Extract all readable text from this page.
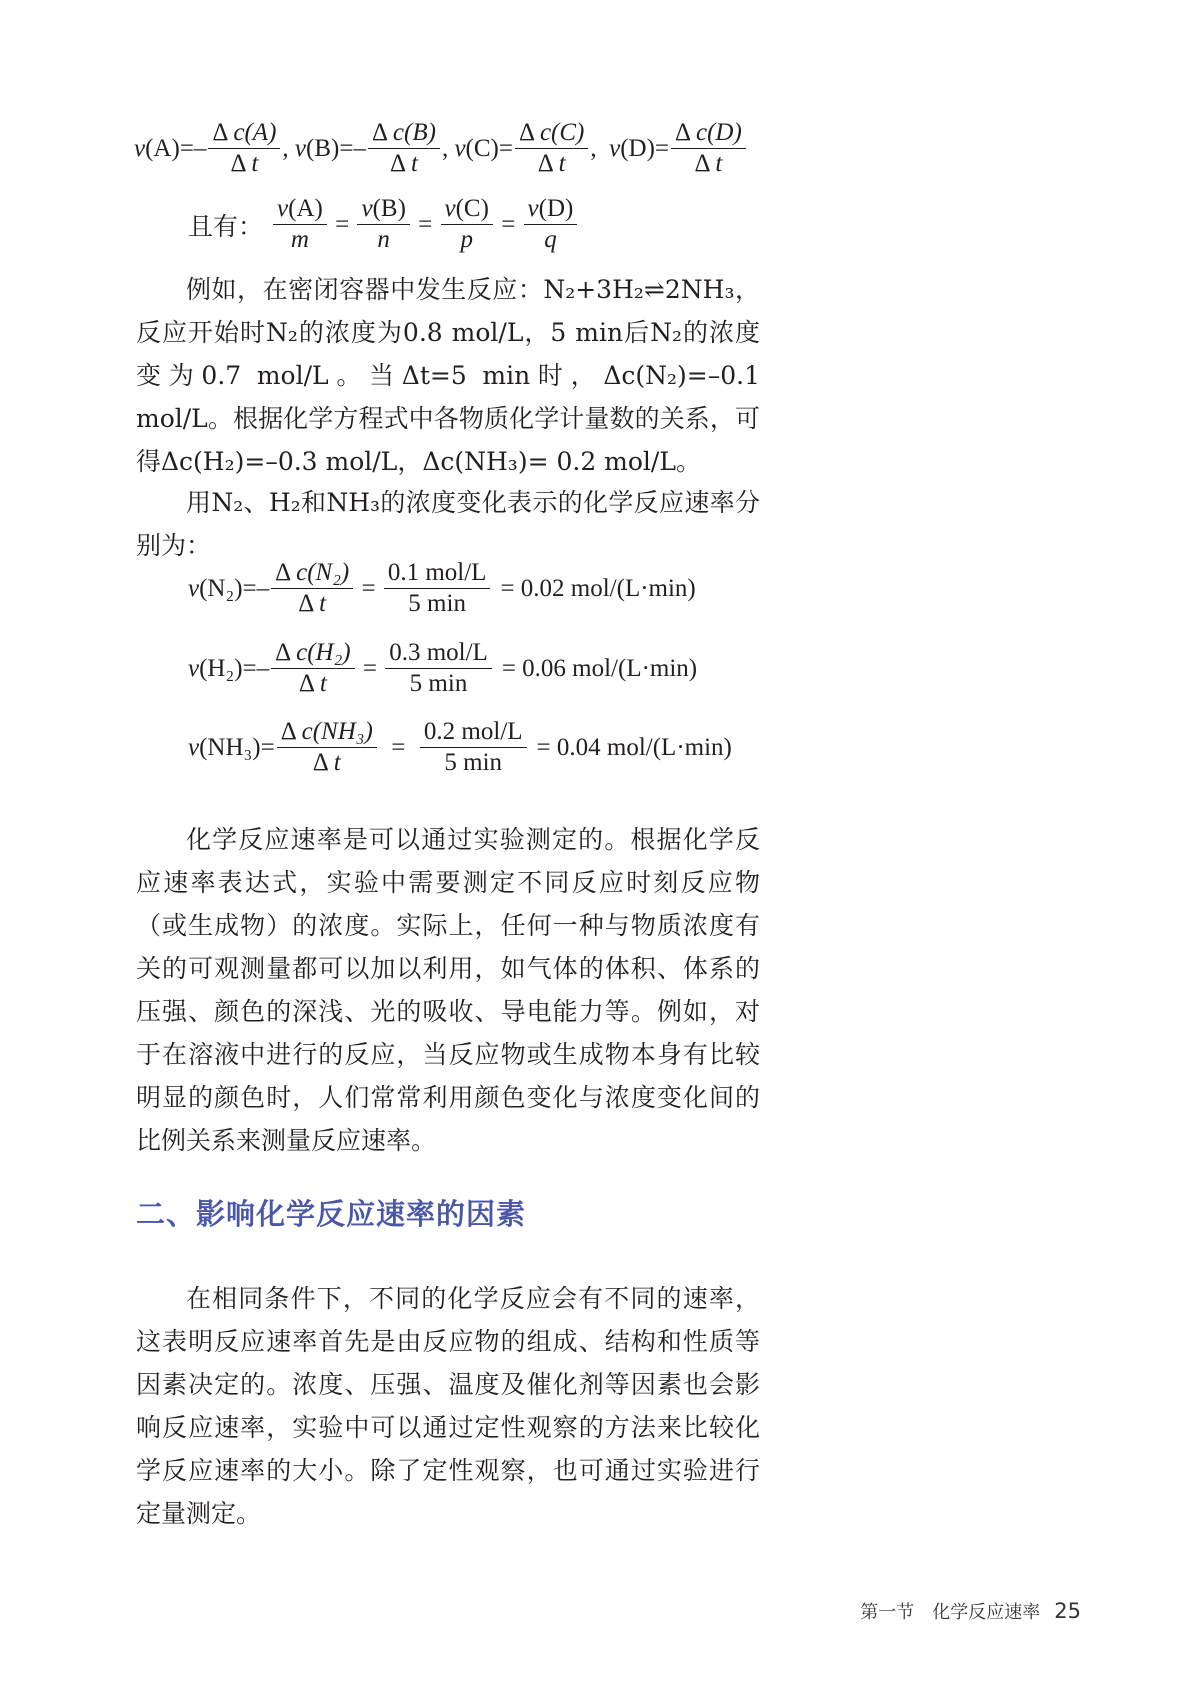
v $(A)=- \frac{\text{Δ c(A)}}{\text{Δ t}}$ , v $(B)=- \frac{\text{Δ c(B)}}{\text{Δ t}}$ , v $(C)= \frac{\text{Δ c(C)}}{\text{Δ t}}$ , v $(D)= \frac{\text{Δ c(D)}}{\text{Δ t}}$
且有： $\frac{v(A)}{m} = \frac{v(B)}{n} = \frac{v(C)}{p} = \frac{v(D)}{q}$

例如，在密闭容器中发生反应：N₂+3H₂⇌2NH₃，反应开始时N₂的浓度为0.8 mol/L，5 min后N₂的浓度变为0.7 mol/L。当Δt=5 min时，Δc(N₂)=–0.1 mol/L。根据化学方程式中各物质化学计量数的关系，可得Δc(H₂)=–0.3 mol/L，Δc(NH₃)= 0.2 mol/L。

用N₂、H₂和NH₃的浓度变化表示的化学反应速率分别为：

v $(N_2)=- \frac{\text{Δ c(N₂)}}{\text{Δ t}} = \frac{\text{0.1 mol/L}}{5 \min} = 0.02$ mol/(L·min)
v $(H_2)=- \frac{\text{Δ c(H₂)}}{\text{Δ t}} = \frac{\text{0.3 mol/L}}{5 \min} = 0.06$ mol/(L·min)
v $(NH_3)= \frac{\text{Δ c(NH₃)}}{\text{Δ t}} = \frac{\text{0.2 mol/L}}{5 \min} = 0.04$ mol/(L·min)

化学反应速率是可以通过实验测定的。根据化学反应速率表达式，实验中需要测定不同反应时刻反应物（或生成物）的浓度。实际上，任何一种与物质浓度有关的可观测量都可以加以利用，如气体的体积、体系的压强、颜色的深浅、光的吸收、导电能力等。例如，对于在溶液中进行的反应，当反应物或生成物本身有比较明显的颜色时，人们常常利用颜色变化与浓度变化间的比例关系来测量反应速率。

二、影响化学反应速率的因素

在相同条件下，不同的化学反应会有不同的速率，这表明反应速率首先是由反应物的组成、结构和性质等因素决定的。浓度、压强、温度及催化剂等因素也会影响反应速率，实验中可以通过定性观察的方法来比较化学反应速率的大小。除了定性观察，也可通过实验进行定量测定。

第一节　化学反应速率 25
